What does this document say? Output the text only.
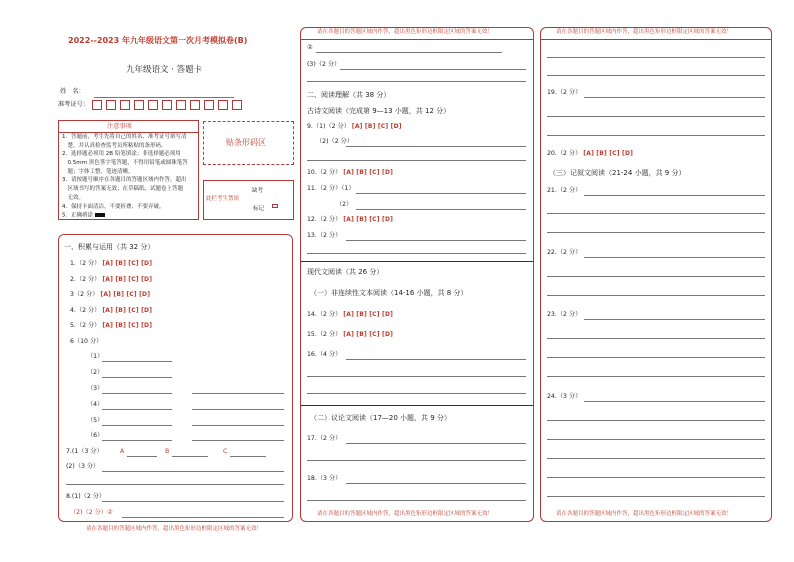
2022--2023 年九年级语文第一次月考模拟卷(B)
九年级语文 · 答题卡
姓　名：
准考证号：
注意事项
1．答题前，考生先将自己的姓名、准考证号填写清
　楚，并认真检查监考员所粘贴的条形码。
2．选择题必须用 2B 铅笔填涂；非选择题必须用
　0.5mm 黑色签字笔答题，不得用铅笔或圆珠笔答
　题；字体工整、笔迹清晰。
3．请按题号顺序在各题目的答题区域内作答，超出
　区域书写的答案无效；在草稿纸、试题卷上答题
　无效。
4．保持卡面清洁，不要折叠、不要弄破。
5．正确填涂
贴条形码区
此栏考生禁填
缺考
标记
一、积累与运用（共 32 分）
1.（2 分） [A] [B] [C] [D]
2.（2 分） [A] [B] [C] [D]
3（2 分） [A] [B] [C] [D]
4.（2 分） [A] [B] [C] [D]
5.（2 分） [A] [B] [C] [D]
6（10 分）
（1）
（2）
（3）
（4）
（5）
（6）
7.(1（3 分）	A	B	C
(2)（3 分）
8.(1)（2 分）
（2)（2 分）②
请在各题目的答题区域内作答，超出黑色矩形边框限定区域的答案无效！
请在各题目的答题区域内作答，超出黑色矩形边框限定区域的答案无效！
②
(3)（2 分）
二、阅读理解（共 38 分）
古诗文阅读（完成第 9—13 小题，共 12 分）
9.（1)（2 分） [A] [B] [C] [D]
（2)（2 分）
10.（2 分） [A] [B] [C] [D]
11.（2 分）（1）
（2）
12.（2 分） [A] [B] [C] [D]
13.（2 分）
现代文阅读（共 26 分）
（一）非连续性文本阅读（14-16 小题，共 8 分）
14.（2 分） [A] [B] [C] [D]
15.（2 分） [A] [B] [C] [D]
16.（4 分）
（二）议论文阅读（17—20 小题，共 9 分）
17.（2 分）
18.（3 分）
请在各题目的答题区域内作答，超出黑色矩形边框限定区域的答案无效！
请在各题目的答题区域内作答，超出黑色矩形边框限定区域的答案无效！
19.（2 分）
20.（2 分） [A] [B] [C] [D]
（三）记叙文阅读（21-24 小题，共 9 分）
21.（2 分）
22.（2 分）
23.（2 分）
24.（3 分）
请在各题目的答题区域内作答，超出黑色矩形边框限定区域的答案无效！
